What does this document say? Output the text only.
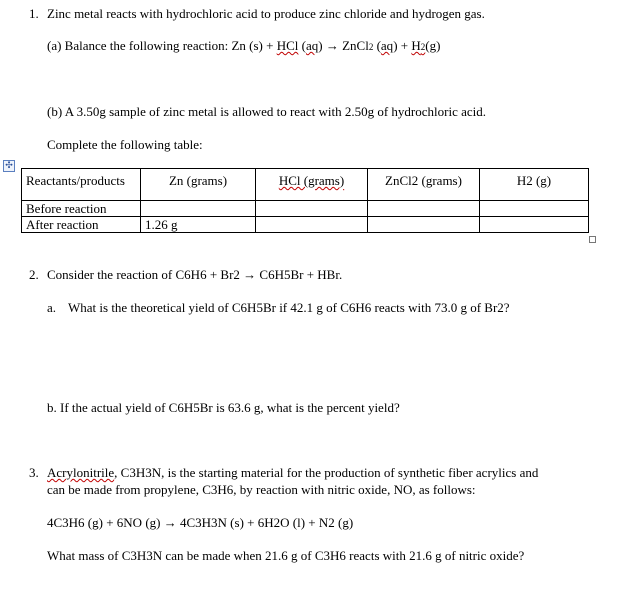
1. Zinc metal reacts with hydrochloric acid to produce zinc chloride and hydrogen gas.
(a) Balance the following reaction: Zn (s) + HCl (aq) → ZnCl2 (aq) + H2(g)
(b) A 3.50g sample of zinc metal is allowed to react with 2.50g of hydrochloric acid.
Complete the following table:
✣
Reactants/products	Zn (grams)	HCl (grams)	ZnCl2 (grams)	H2 (g)
Before reaction				
After reaction	1.26 g			
2. Consider the reaction of C6H6 + Br2 → C6H5Br + HBr.
a. What is the theoretical yield of C6H5Br if 42.1 g of C6H6 reacts with 73.0 g of Br2?
b. If the actual yield of C6H5Br is 63.6 g, what is the percent yield?
3. Acrylonitrile, C3H3N, is the starting material for the production of synthetic fiber acrylics and
can be made from propylene, C3H6, by reaction with nitric oxide, NO, as follows:
4C3H6 (g) + 6NO (g) → 4C3H3N (s) + 6H2O (l) + N2 (g)
What mass of C3H3N can be made when 21.6 g of C3H6 reacts with 21.6 g of nitric oxide?
